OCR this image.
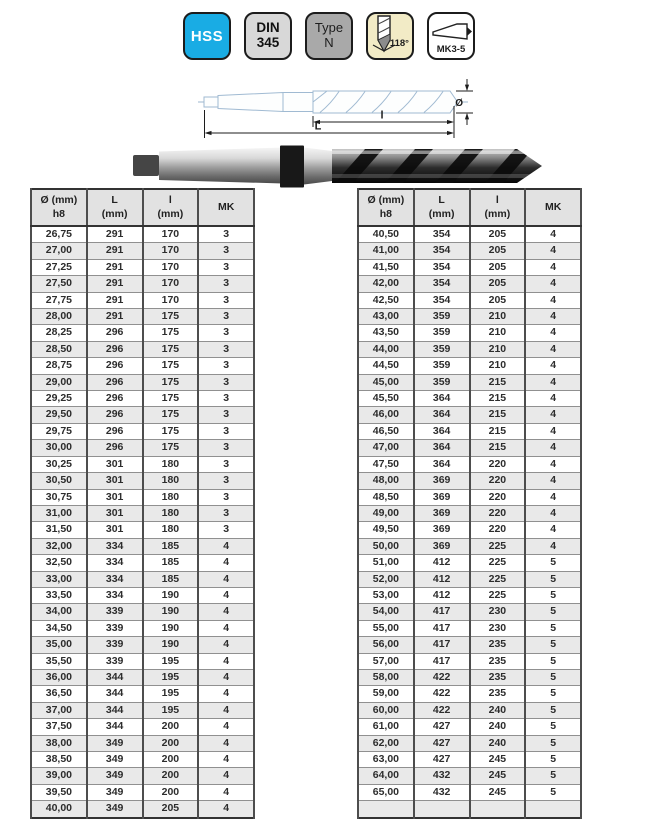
HSS DIN
345
Type
N	118°
MK3-5
l
L
Ø
Ø (mm)
h8

L
(mm)

l
(mm)

MK

26,75	291	170	3
27,00	291	170	3
27,25	291	170	3
27,50	291	170	3
27,75	291	170	3
28,00	291	175	3
28,25	296	175	3
28,50	296	175	3
28,75	296	175	3
29,00	296	175	3
29,25	296	175	3
29,50	296	175	3
29,75	296	175	3
30,00	296	175	3
30,25	301	180	3
30,50	301	180	3
30,75	301	180	3
31,00	301	180	3
31,50	301	180	3
32,00	334	185	4
32,50	334	185	4
33,00	334	185	4
33,50	334	190	4
34,00	339	190	4
34,50	339	190	4
35,00	339	190	4
35,50	339	195	4
36,00	344	195	4
36,50	344	195	4
37,00	344	195	4
37,50	344	200	4
38,00	349	200	4
38,50	349	200	4
39,00	349	200	4
39,50	349	200	4
40,00	349	205	4
Ø (mm)
h8

L
(mm)

l
(mm)

MK

40,50	354	205	4
41,00	354	205	4
41,50	354	205	4
42,00	354	205	4
42,50	354	205	4
43,00	359	210	4
43,50	359	210	4
44,00	359	210	4
44,50	359	210	4
45,00	359	215	4
45,50	364	215	4
46,00	364	215	4
46,50	364	215	4
47,00	364	215	4
47,50	364	220	4
48,00	369	220	4
48,50	369	220	4
49,00	369	220	4
49,50	369	220	4
50,00	369	225	4
51,00	412	225	5
52,00	412	225	5
53,00	412	225	5
54,00	417	230	5
55,00	417	230	5
56,00	417	235	5
57,00	417	235	5
58,00	422	235	5
59,00	422	235	5
60,00	422	240	5
61,00	427	240	5
62,00	427	240	5
63,00	427	245	5
64,00	432	245	5
65,00	432	245	5
